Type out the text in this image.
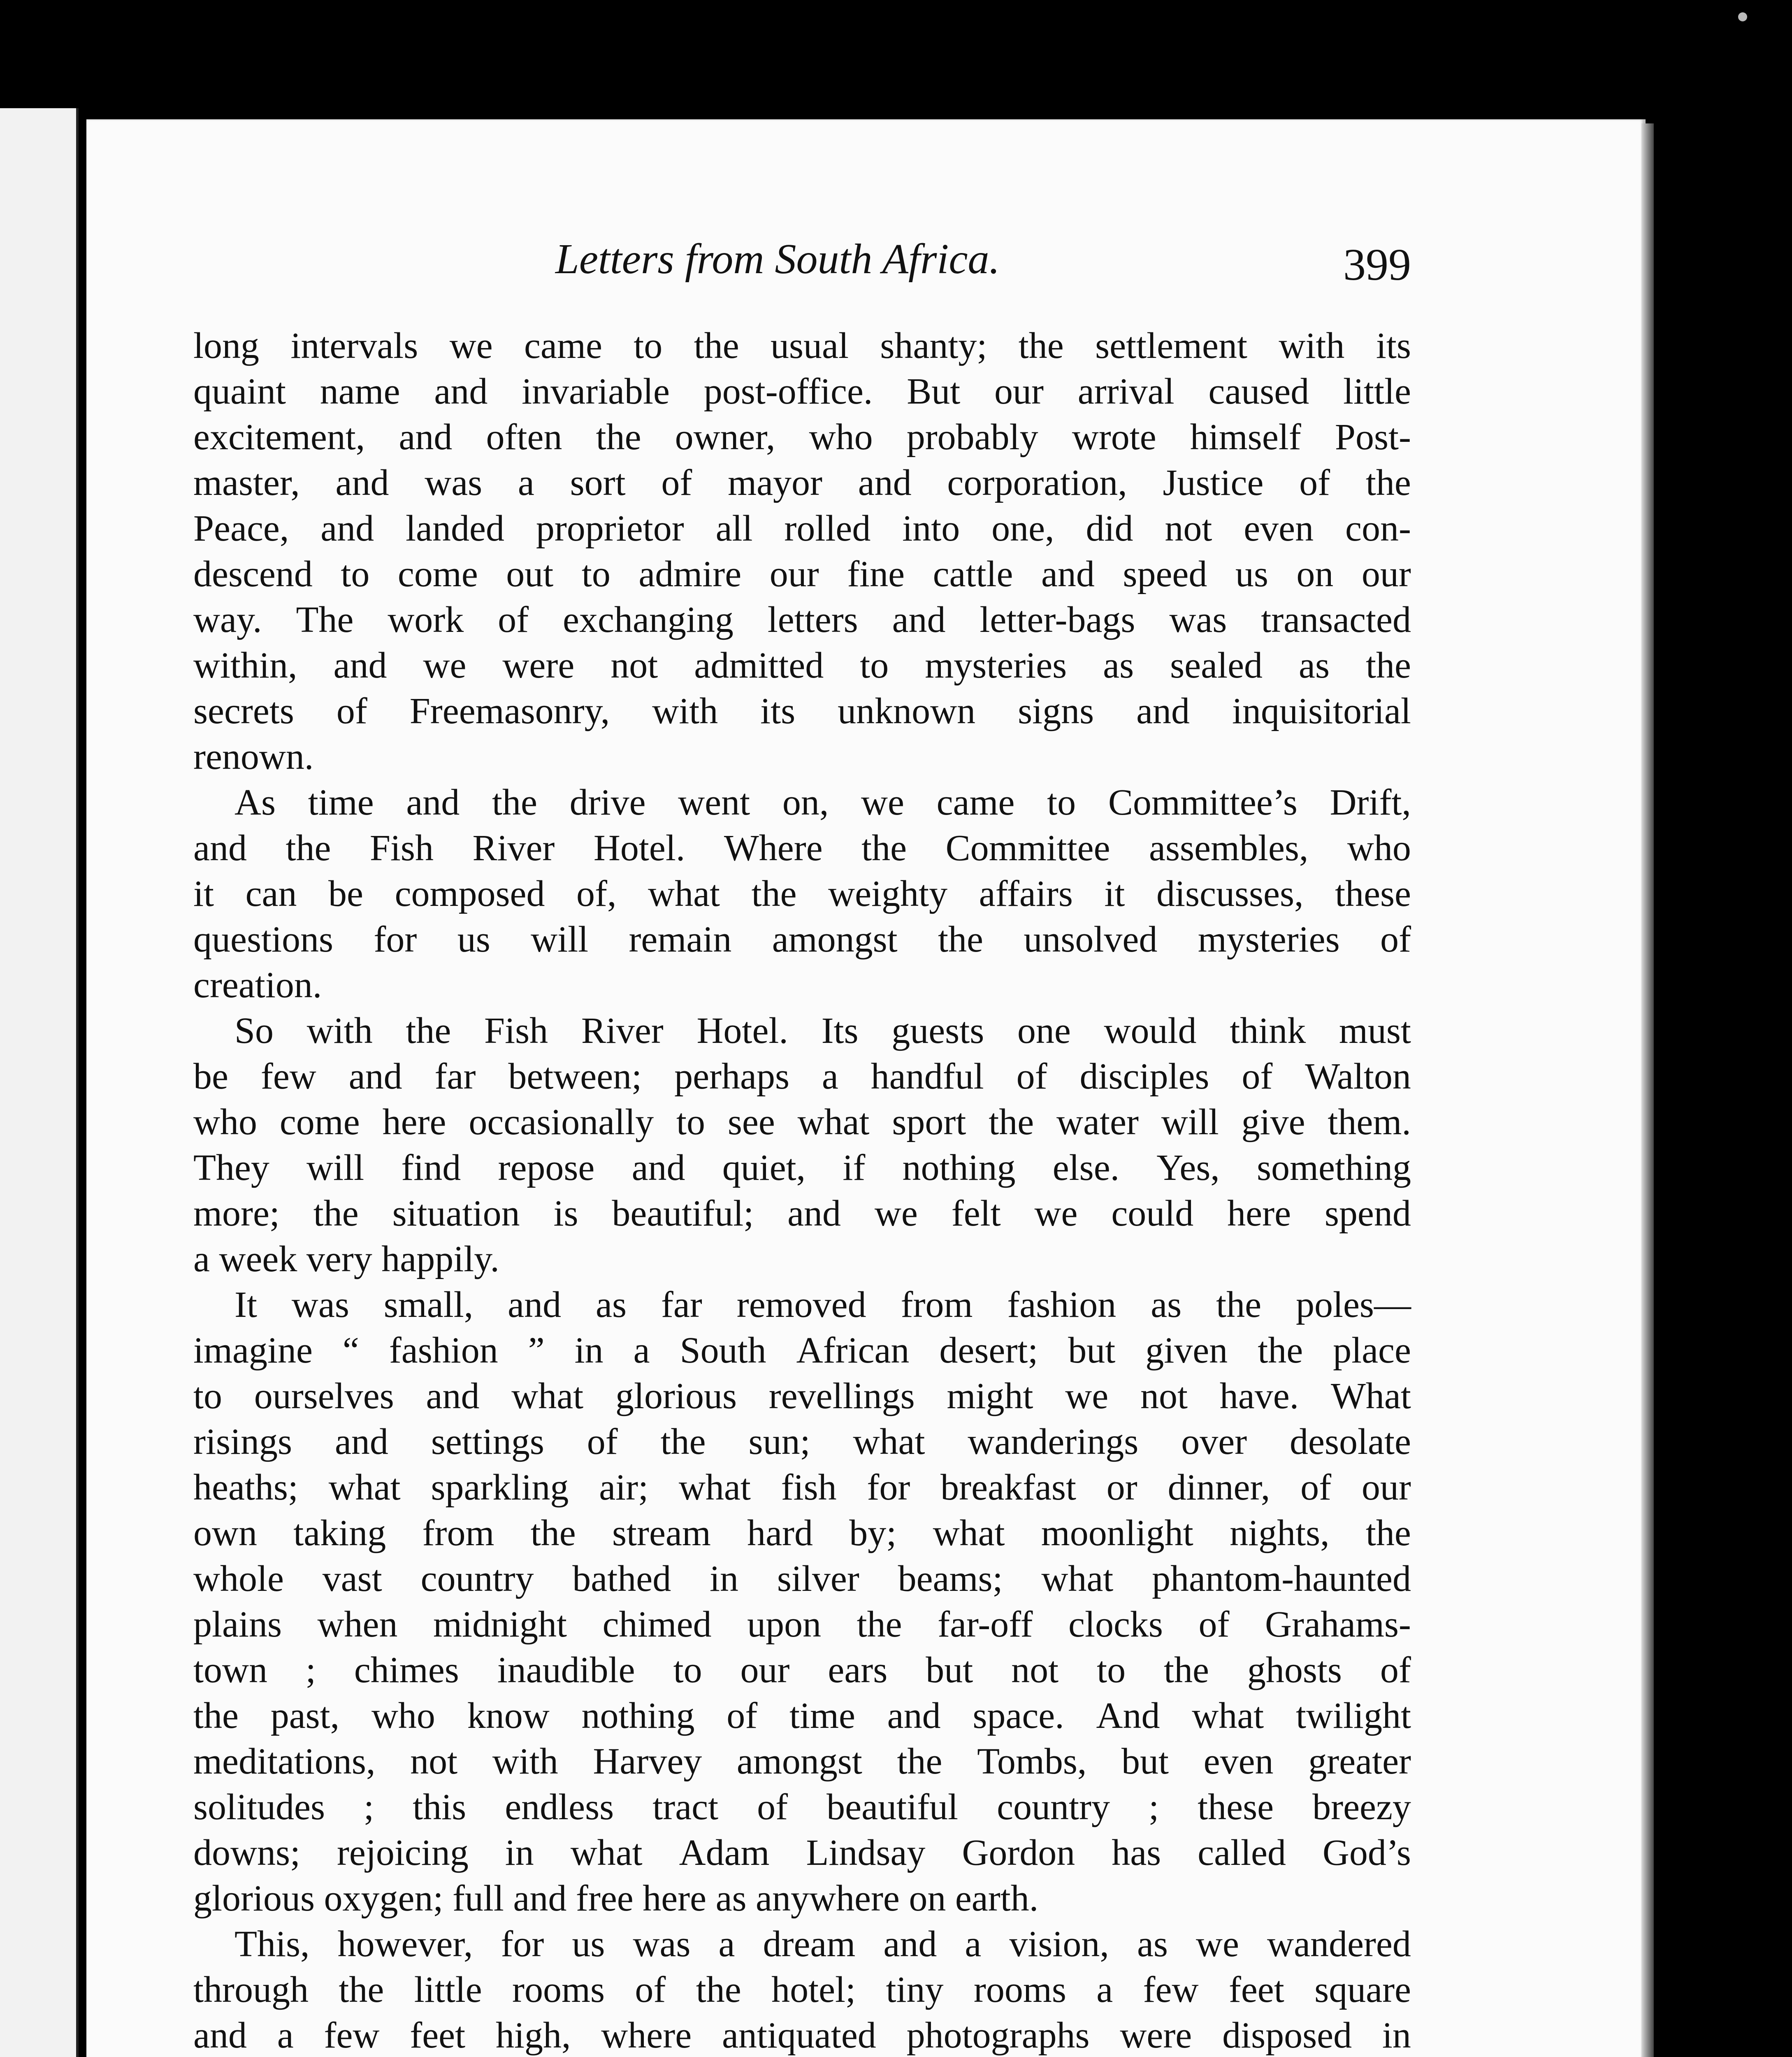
Letters from South Africa.	399
long intervals we came to the usual shanty; the settlement with its
quaint name and invariable post-office. But our arrival caused little
excitement, and often the owner, who probably wrote himself Post-
master, and was a sort of mayor and corporation, Justice of the
Peace, and landed proprietor all rolled into one, did not even con-
descend to come out to admire our fine cattle and speed us on our
way. The work of exchanging letters and letter-bags was transacted
within, and we were not admitted to mysteries as sealed as the
secrets of Freemasonry, with its unknown signs and inquisitorial
renown.
As time and the drive went on, we came to Committee’s Drift,
and the Fish River Hotel. Where the Committee assembles, who
it can be composed of, what the weighty affairs it discusses, these
questions for us will remain amongst the unsolved mysteries of
creation.
So with the Fish River Hotel. Its guests one would think must
be few and far between; perhaps a handful of disciples of Walton
who come here occasionally to see what sport the water will give them.
They will find repose and quiet, if nothing else. Yes, something
more; the situation is beautiful; and we felt we could here spend
a week very happily.
It was small, and as far removed from fashion as the poles—
imagine “ fashion ” in a South African desert; but given the place
to ourselves and what glorious revellings might we not have. What
risings and settings of the sun; what wanderings over desolate
heaths; what sparkling air; what fish for breakfast or dinner, of our
own taking from the stream hard by; what moonlight nights, the
whole vast country bathed in silver beams; what phantom-haunted
plains when midnight chimed upon the far-off clocks of Grahams-
town ; chimes inaudible to our ears but not to the ghosts of
the past, who know nothing of time and space. And what twilight
meditations, not with Harvey amongst the Tombs, but even greater
solitudes ; this endless tract of beautiful country ; these breezy
downs; rejoicing in what Adam Lindsay Gordon has called God’s
glorious oxygen; full and free here as anywhere on earth.
This, however, for us was a dream and a vision, as we wandered
through the little rooms of the hotel; tiny rooms a few feet square
and a few feet high, where antiquated photographs were disposed in
